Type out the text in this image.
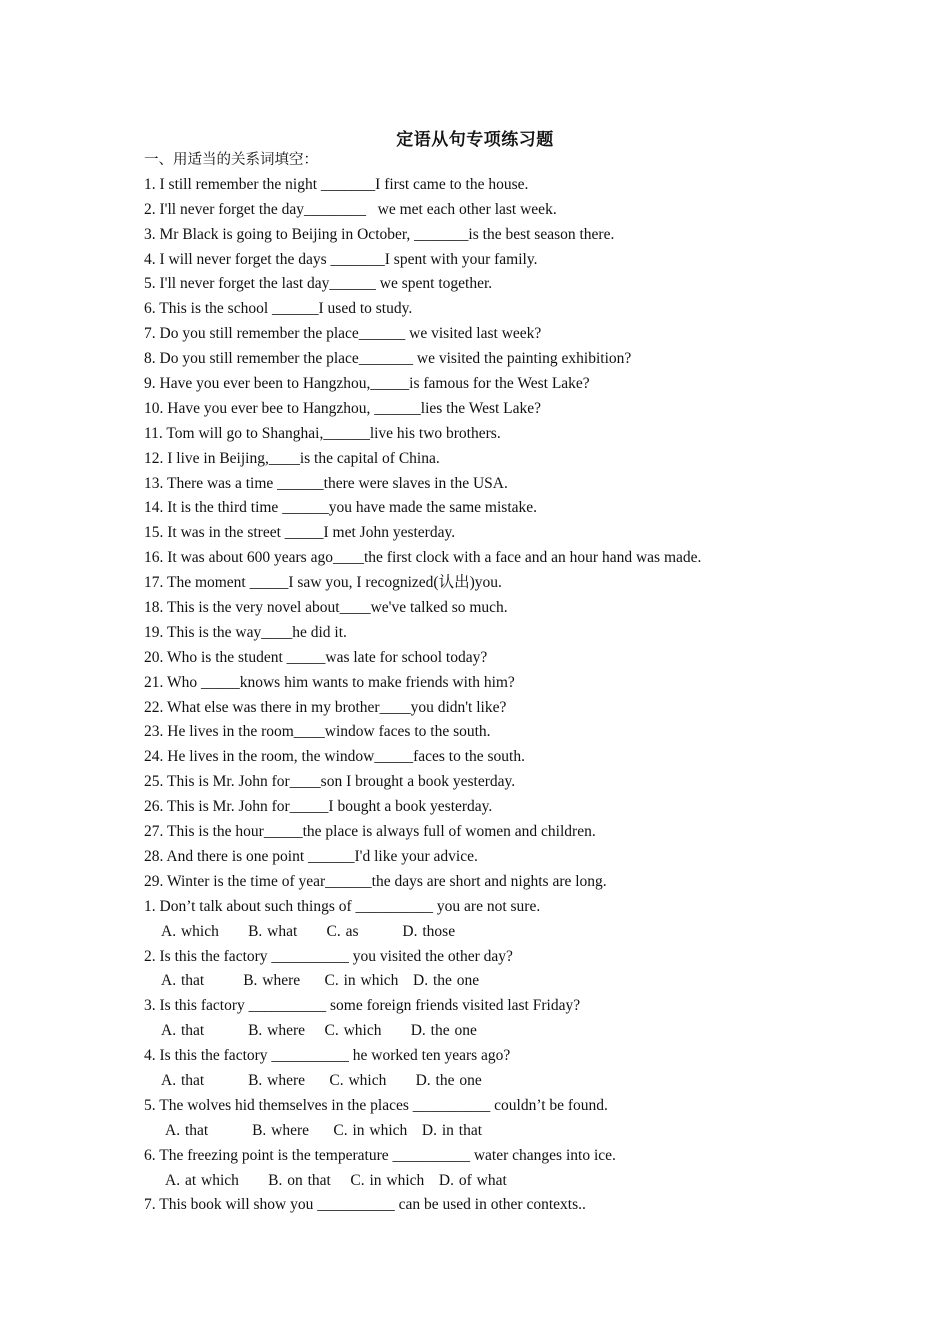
定语从句专项练习题
一、用适当的关系词填空：
1. I still remember the night _______I first came to the house.
2. I'll never forget the day________   we met each other last week.
3. Mr Black is going to Beijing in October, _______is the best season there.
4. I will never forget the days _______I spent with your family.
5. I'll never forget the last day______ we spent together.
6. This is the school ______I used to study.
7. Do you still remember the place______ we visited last week?
8. Do you still remember the place_______ we visited the painting exhibition?
9. Have you ever been to Hangzhou,_____is famous for the West Lake?
10. Have you ever bee to Hangzhou, ______lies the West Lake?
11. Tom will go to Shanghai,______live his two brothers.
12. I live in Beijing,____is the capital of China.
13. There was a time ______there were slaves in the USA.
14. It is the third time ______you have made the same mistake.
15. It was in the street _____I met John yesterday.
16. It was about 600 years ago____the first clock with a face and an hour hand was made.
17. The moment _____I saw you, I recognized(认出)you.
18. This is the very novel about____we've talked so much.
19. This is the way____he did it.
20. Who is the student _____was late for school today?
21. Who _____knows him wants to make friends with him?
22. What else was there in my brother____you didn't like?
23. He lives in the room____window faces to the south.
24. He lives in the room, the window_____faces to the south.
25. This is Mr. John for____son I brought a book yesterday.
26. This is Mr. John for_____I bought a book yesterday.
27. This is the hour_____the place is always full of women and children.
28. And there is one point ______I'd like your advice.
29. Winter is the time of year______the days are short and nights are long.
1. Don’t talk about such things of __________ you are not sure.
A. which B. what C. as	D. those
2. Is this the factory __________ you visited the other day?
A. that	B. where C. in which D. the one
3. Is this factory __________ some foreign friends visited last Friday?
A. that	B. where C. which D. the one
4. Is this the factory __________ he worked ten years ago?
A. that	B. where C. which D. the one
5. The wolves hid themselves in the places __________ couldn’t be found.
A. that	B. where C. in which D. in that
6. The freezing point is the temperature __________ water changes into ice.
A. at which B. on that C. in which D. of what
7. This book will show you __________ can be used in other contexts..
